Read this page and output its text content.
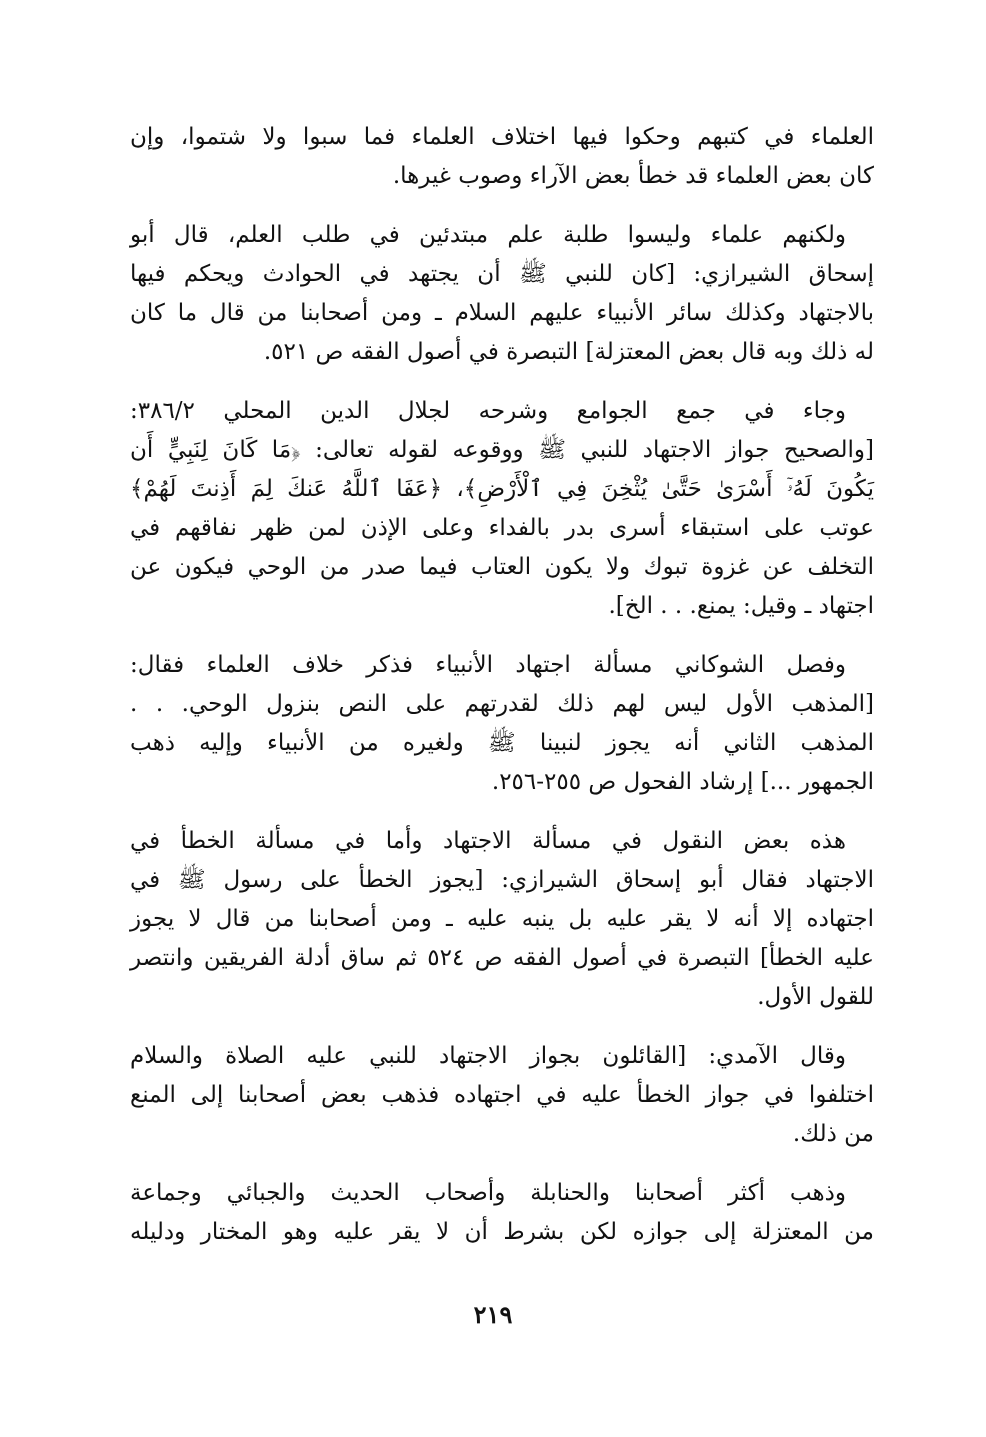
العلماء في كتبهم وحكوا فيها اختلاف العلماء فما سبوا ولا شتموا، وإن
كان بعض العلماء قد خطأ بعض الآراء وصوب غيرها.

ولكنهم علماء وليسوا طلبة علم مبتدئين في طلب العلم، قال أبو
إسحاق الشيرازي: [كان للنبي ﷺ أن يجتهد في الحوادث ويحكم فيها
بالاجتهاد وكذلك سائر الأنبياء عليهم السلام ـ ومن أصحابنا من قال ما كان
له ذلك وبه قال بعض المعتزلة] التبصرة في أصول الفقه ص ٥٢١.

وجاء في جمع الجوامع وشرحه لجلال الدين المحلي ٣٨٦/٢:
[والصحيح جواز الاجتهاد للنبي ﷺ ووقوعه لقوله تعالى: ﴿مَا كَانَ لِنَبِيٍّ أَن
يَكُونَ لَهُۥٓ أَسْرَىٰ حَتَّىٰ يُثْخِنَ فِي ٱلْأَرْضِ﴾، ﴿عَفَا ٱللَّهُ عَنكَ لِمَ أَذِنتَ لَهُمْ﴾
عوتب على استبقاء أسرى بدر بالفداء وعلى الإذن لمن ظهر نفاقهم في
التخلف عن غزوة تبوك ولا يكون العتاب فيما صدر من الوحي فيكون عن
اجتهاد ـ وقيل: يمنع. . . الخ].

وفصل الشوكاني مسألة اجتهاد الأنبياء فذكر خلاف العلماء فقال:
[المذهب الأول ليس لهم ذلك لقدرتهم على النص بنزول الوحي. . .
المذهب الثاني أنه يجوز لنبينا ﷺ ولغيره من الأنبياء وإليه ذهب
الجمهور ...] إرشاد الفحول ص ٢٥٥-٢٥٦.

هذه بعض النقول في مسألة الاجتهاد وأما في مسألة الخطأ في
الاجتهاد فقال أبو إسحاق الشيرازي: [يجوز الخطأ على رسول ﷺ في
اجتهاده إلا أنه لا يقر عليه بل ينبه عليه ـ ومن أصحابنا من قال لا يجوز
عليه الخطأ] التبصرة في أصول الفقه ص ٥٢٤ ثم ساق أدلة الفريقين وانتصر
للقول الأول.

وقال الآمدي: [القائلون بجواز الاجتهاد للنبي عليه الصلاة والسلام
اختلفوا في جواز الخطأ عليه في اجتهاده فذهب بعض أصحابنا إلى المنع
من ذلك.

وذهب أكثر أصحابنا والحنابلة وأصحاب الحديث والجبائي وجماعة
من المعتزلة إلى جوازه لكن بشرط أن لا يقر عليه وهو المختار ودليله

٢١٩
